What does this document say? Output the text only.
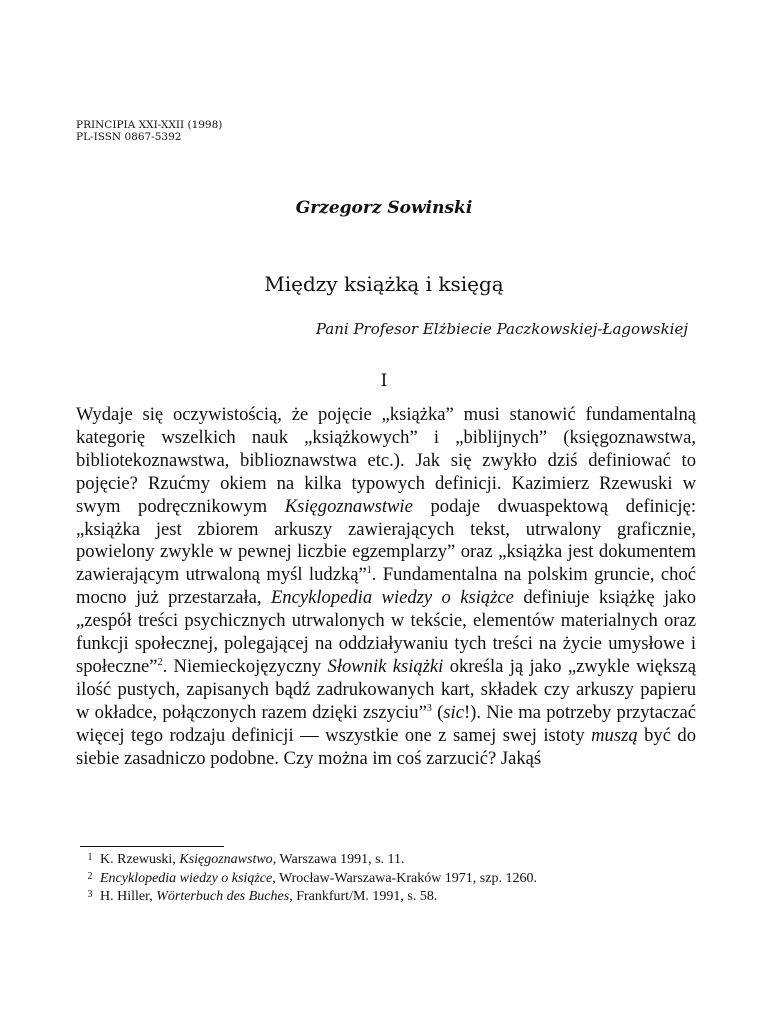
PRINCIPIA XXI-XXII (1998)
PL-ISSN 0867-5392
Grzegorz Sowinski
Między książką i księgą
Pani Profesor Elżbiecie Paczkowskiej-Łagowskiej
I

Wydaje się oczywistością, że pojęcie „książka” musi stanowić fundamentalną kategorię wszelkich nauk „książkowych” i „biblijnych” (księgoznawstwa, bibliotekoznawstwa, biblioznawstwa etc.). Jak się zwykło dziś definiować to pojęcie? Rzućmy okiem na kilka typowych definicji. Kazimierz Rzewuski w swym podręcznikowym Księgoznawstwie podaje dwuaspektową definicję: „książka jest zbiorem arkuszy zawierających tekst, utrwalony graficznie, powielony zwykle w pewnej liczbie egzemplarzy” oraz „książka jest dokumentem zawierającym utrwaloną myśl ludzką”$^1$. Fundamentalna na polskim gruncie, choć mocno już przestarzała, Encyklopedia wiedzy o książce definiuje książkę jako „zespół treści psychicznych utrwalonych w tekście, elementów materialnych oraz funkcji społecznej, polegającej na oddziaływaniu tych treści na życie umysłowe i społeczne”$^2$. Niemieckojęzyczny Słownik książki określa ją jako „zwykle większą ilość pustych, zapisanych bądź zadrukowanych kart, składek czy arkuszy papieru w okładce, połączonych razem dzięki zszyciu”$^3$ (sic!). Nie ma potrzeby przytaczać więcej tego rodzaju definicji — wszystkie one z samej swej istoty muszą być do siebie zasadniczo podobne. Czy można im coś zarzucić? Jakąś

1 K. Rzewuski, Księgoznawstwo, Warszawa 1991, s. 11.
2 Encyklopedia wiedzy o książce, Wrocław-Warszawa-Kraków 1971, szp. 1260.
3 H. Hiller, Wörterbuch des Buches, Frankfurt/M. 1991, s. 58.
